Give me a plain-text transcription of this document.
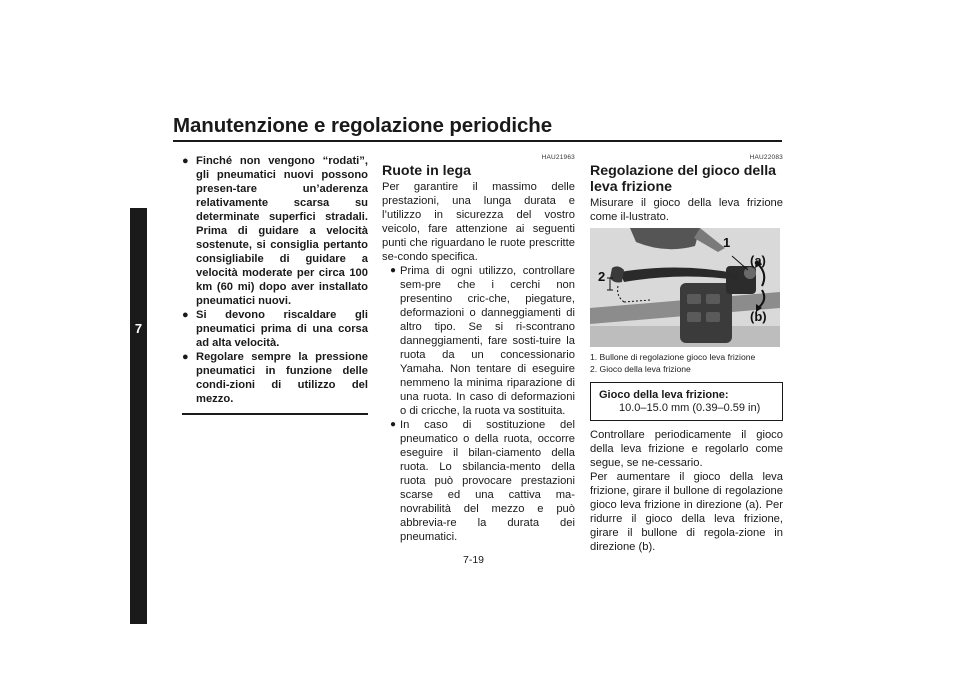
Manutenzione e regolazione periodiche
7
● Finché non vengono “rodati”, gli pneumatici nuovi possono presen-tare un’aderenza relativamente scarsa su determinate superfici stradali. Prima di guidare a velocità sostenute, si consiglia pertanto consigliabile di guidare a velocità moderate per circa 100 km (60 mi) dopo aver installato pneumatici nuovi.
● Si devono riscaldare gli pneumatici prima di una corsa ad alta velocità.
● Regolare sempre la pressione pneumatici in funzione delle condi-zioni di utilizzo del mezzo.
HAU21963
Ruote in lega

Per garantire il massimo delle prestazioni, una lunga durata e l’utilizzo in sicurezza del vostro veicolo, fare attenzione ai seguenti punti che riguardano le ruote prescritte se-condo specifica.

● Prima di ogni utilizzo, controllare sem-pre che i cerchi non presentino cric-che, piegature, deformazioni o danneggiamenti di altro tipo. Se si ri-scontrano danneggiamenti, fare sosti-tuire la ruota da un concessionario Yamaha. Non tentare di eseguire nemmeno la minima riparazione di una ruota. In caso di deformazioni o di cricche, la ruota va sostituita.
● In caso di sostituzione del pneumatico o della ruota, occorre eseguire il bilan-ciamento della ruota. Lo sbilancia-mento della ruota può provocare prestazioni scarse ed una cattiva ma-novrabilità del mezzo e può abbrevia-re la durata dei pneumatici.
HAU22083
Regolazione del gioco della leva frizione

Misurare il gioco della leva frizione come il-lustrato.

1
2
(a)
(b)
1. Bullone di regolazione gioco leva frizione
2. Gioco della leva frizione
Gioco della leva frizione:
10.0–15.0 mm (0.39–0.59 in)

Controllare periodicamente il gioco della leva frizione e regolarlo come segue, se ne-cessario.

Per aumentare il gioco della leva frizione, girare il bullone di regolazione gioco leva frizione in direzione (a). Per ridurre il gioco della leva frizione, girare il bullone di regola-zione in direzione (b).

7-19
